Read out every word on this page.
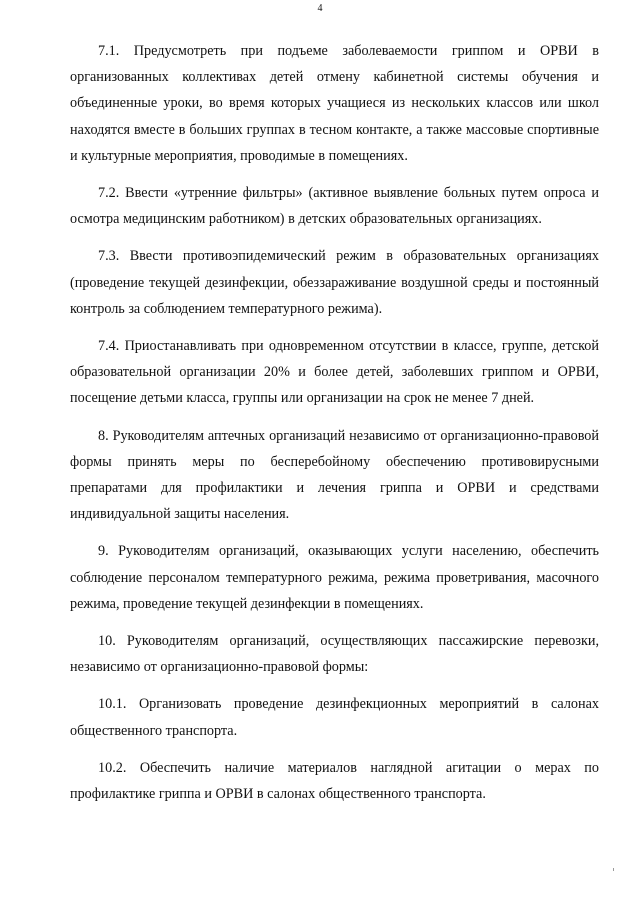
4

7.1. Предусмотреть при подъеме заболеваемости гриппом и ОРВИ в организованных коллективах детей отмену кабинетной системы обучения и объединенные уроки, во время которых учащиеся из нескольких классов или школ находятся вместе в больших группах в тесном контакте, а также массовые спортивные и культурные мероприятия, проводимые в помещениях.

7.2. Ввести «утренние фильтры» (активное выявление больных путем опроса и осмотра медицинским работником) в детских образовательных организациях.

7.3. Ввести противоэпидемический режим в образовательных организациях (проведение текущей дезинфекции, обеззараживание воздушной среды и постоянный контроль за соблюдением температурного режима).

7.4. Приостанавливать при одновременном отсутствии в классе, группе, детской образовательной организации 20% и более детей, заболевших гриппом и ОРВИ, посещение детьми класса, группы или организации на срок не менее 7 дней.

8. Руководителям аптечных организаций независимо от организационно-правовой формы принять меры по бесперебойному обеспечению противовирусными препаратами для профилактики и лечения гриппа и ОРВИ и средствами индивидуальной защиты населения.

9. Руководителям организаций, оказывающих услуги населению, обеспечить соблюдение персоналом температурного режима, режима проветривания, масочного режима, проведение текущей дезинфекции в помещениях.

10. Руководителям организаций, осуществляющих пассажирские перевозки, независимо от организационно-правовой формы:

10.1. Организовать проведение дезинфекционных мероприятий в салонах общественного транспорта.

10.2. Обеспечить наличие материалов наглядной агитации о мерах по профилактике гриппа и ОРВИ в салонах общественного транспорта.
